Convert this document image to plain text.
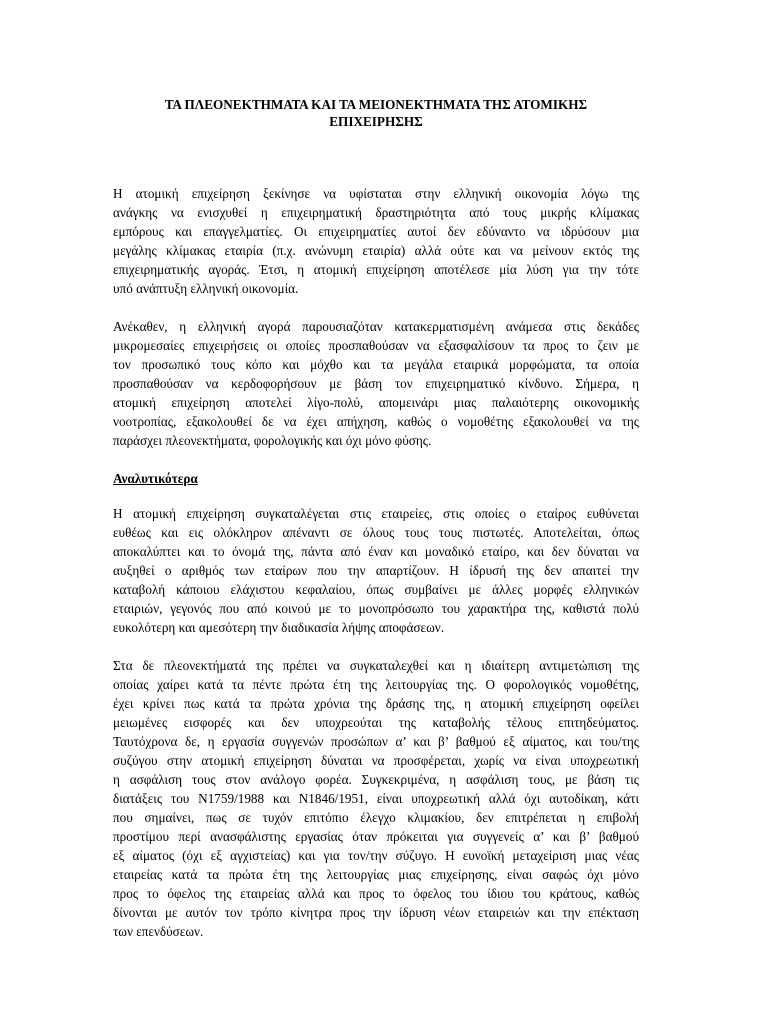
ΤΑ ΠΛΕΟΝΕΚΤΗΜΑΤΑ ΚΑΙ ΤΑ ΜΕΙΟΝΕΚΤΗΜΑΤΑ ΤΗΣ ΑΤΟΜΙΚΗΣ
ΕΠΙΧΕΙΡΗΣΗΣ

Η ατομική επιχείρηση ξεκίνησε να υφίσταται στην ελληνική οικονομία λόγω της
ανάγκης να ενισχυθεί η επιχειρηματική δραστηριότητα από τους μικρής κλίμακας
εμπόρους και επαγγελματίες. Οι επιχειρηματίες αυτοί δεν εδύναντο να ιδρύσουν μια
μεγάλης κλίμακας εταιρία (π.χ. ανώνυμη εταιρία) αλλά ούτε και να μείνουν εκτός της
επιχειρηματικής αγοράς. Έτσι, η ατομική επιχείρηση αποτέλεσε μία λύση για την τότε
υπό ανάπτυξη ελληνική οικονομία.

Ανέκαθεν, η ελληνική αγορά παρουσιαζόταν κατακερματισμένη ανάμεσα στις δεκάδες
μικρομεσαίες επιχειρήσεις οι οποίες προσπαθούσαν να εξασφαλίσουν τα προς το ζειν με
τον προσωπικό τους κόπο και μόχθο και τα μεγάλα εταιρικά μορφώματα, τα οποία
προσπαθούσαν να κερδοφορήσουν με βάση τον επιχειρηματικό κίνδυνο. Σήμερα, η
ατομική επιχείρηση αποτελεί λίγο-πολύ, απομεινάρι μιας παλαιότερης οικονομικής
νοοτροπίας, εξακολουθεί δε να έχει απήχηση, καθώς ο νομοθέτης εξακολουθεί να της
παράσχει πλεονεκτήματα, φορολογικής και όχι μόνο φύσης.

Αναλυτικότερα

Η ατομική επιχείρηση συγκαταλέγεται στις εταιρείες, στις οποίες ο εταίρος ευθύνεται
ευθέως και εις ολόκληρον απέναντι σε όλους τους τους πιστωτές. Αποτελείται, όπως
αποκαλύπτει και το όνομά της, πάντα από έναν και μοναδικό εταίρο, και δεν δύναται να
αυξηθεί ο αριθμός των εταίρων που την απαρτίζουν. Η ίδρυσή της δεν απαιτεί την
καταβολή κάποιου ελάχιστου κεφαλαίου, όπως συμβαίνει με άλλες μορφές ελληνικών
εταιριών, γεγονός που από κοινού με το μονοπρόσωπο του χαρακτήρα της, καθιστά πολύ
ευκολότερη και αμεσότερη την διαδικασία λήψης αποφάσεων.

Στα δε πλεονεκτήματά της πρέπει να συγκαταλεχθεί και η ιδιαίτερη αντιμετώπιση της
οποίας χαίρει κατά τα πέντε πρώτα έτη της λειτουργίας της. Ο φορολογικός νομοθέτης,
έχει κρίνει πως κατά τα πρώτα χρόνια της δράσης της, η ατομική επιχείρηση οφείλει
μειωμένες εισφορές και δεν υποχρεούται της καταβολής τέλους επιτηδεύματος.
Ταυτόχρονα δε, η εργασία συγγενών προσώπων α’ και β’ βαθμού εξ αίματος, και του/της
συζύγου στην ατομική επιχείρηση δύναται να προσφέρεται, χωρίς να είναι υποχρεωτική
η ασφάλιση τους στον ανάλογο φορέα. Συγκεκριμένα, η ασφάλιση τους, με βάση τις
διατάξεις του Ν1759/1988 και Ν1846/1951, είναι υποχρεωτική αλλά όχι αυτοδίκαη, κάτι
που σημαίνει, πως σε τυχόν επιτόπιο έλεγχο κλιμακίου, δεν επιτρέπεται η επιβολή
προστίμου περί ανασφάλιστης εργασίας όταν πρόκειται για συγγενείς α’ και β’ βαθμού
εξ αίματος (όχι εξ αγχιστείας) και για τον/την σύζυγο. Η ευνοϊκή μεταχείριση μιας νέας
εταιρείας κατά τα πρώτα έτη της λειτουργίας μιας επιχείρησης, είναι σαφώς όχι μόνο
προς το όφελος της εταιρείας αλλά και προς το όφελος του ίδιου του κράτους, καθώς
δίνονται με αυτόν τον τρόπο κίνητρα προς την ίδρυση νέων εταιρειών και την επέκταση
των επενδύσεων.
